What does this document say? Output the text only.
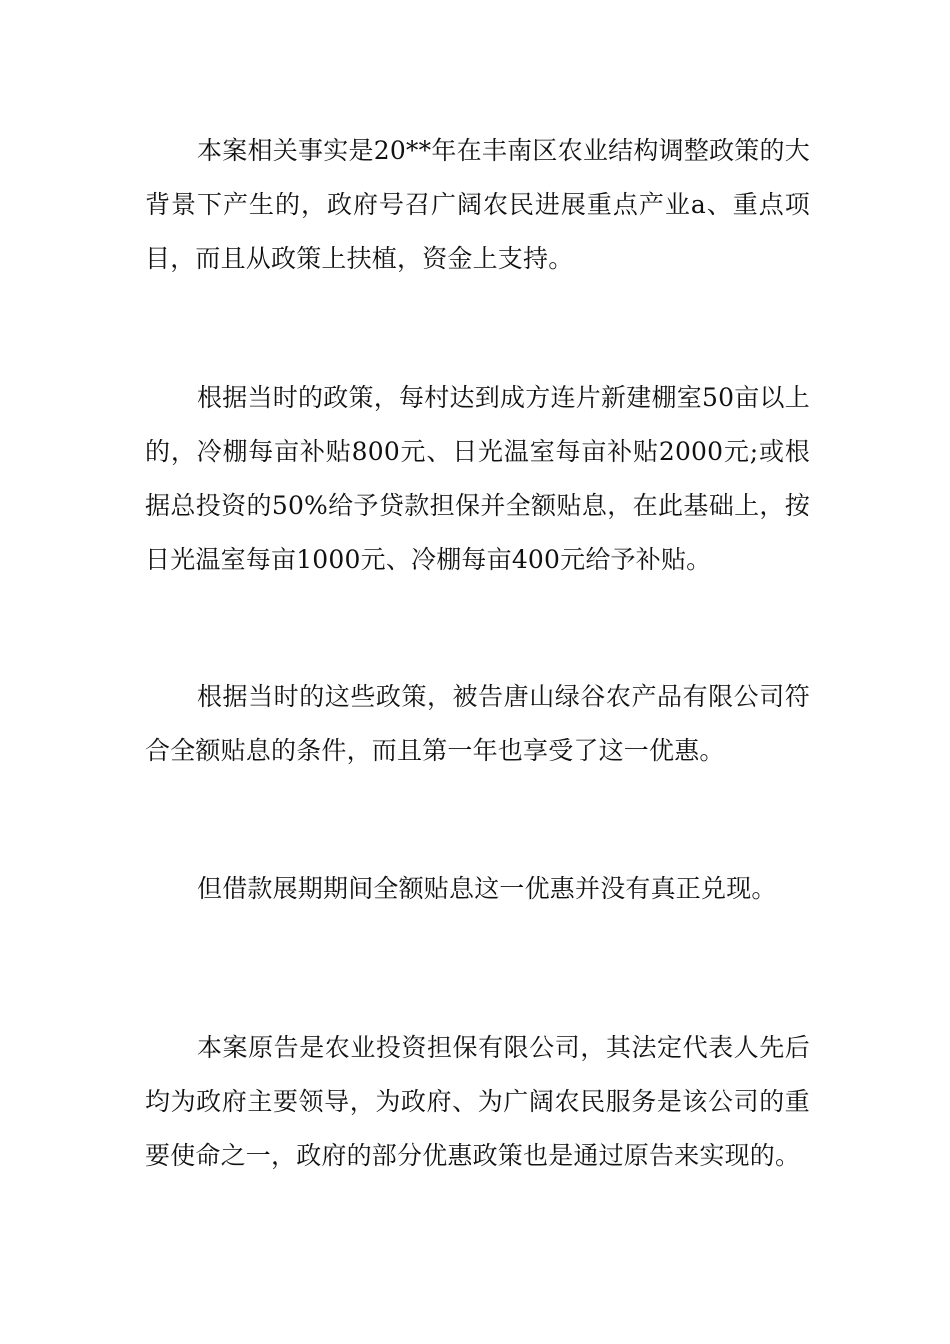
本案相关事实是20**年在丰南区农业结构调整政策的大背景下产生的，政府号召广阔农民进展重点产业a、重点项目，而且从政策上扶植，资金上支持。

根据当时的政策，每村达到成方连片新建棚室50亩以上的，冷棚每亩补贴800元、日光温室每亩补贴2000元;或根据总投资的50%给予贷款担保并全额贴息，在此基础上，按日光温室每亩1000元、冷棚每亩400元给予补贴。

根据当时的这些政策，被告唐山绿谷农产品有限公司符合全额贴息的条件，而且第一年也享受了这一优惠。

但借款展期期间全额贴息这一优惠并没有真正兑现。

本案原告是农业投资担保有限公司，其法定代表人先后均为政府主要领导，为政府、为广阔农民服务是该公司的重要使命之一，政府的部分优惠政策也是通过原告来实现的。
